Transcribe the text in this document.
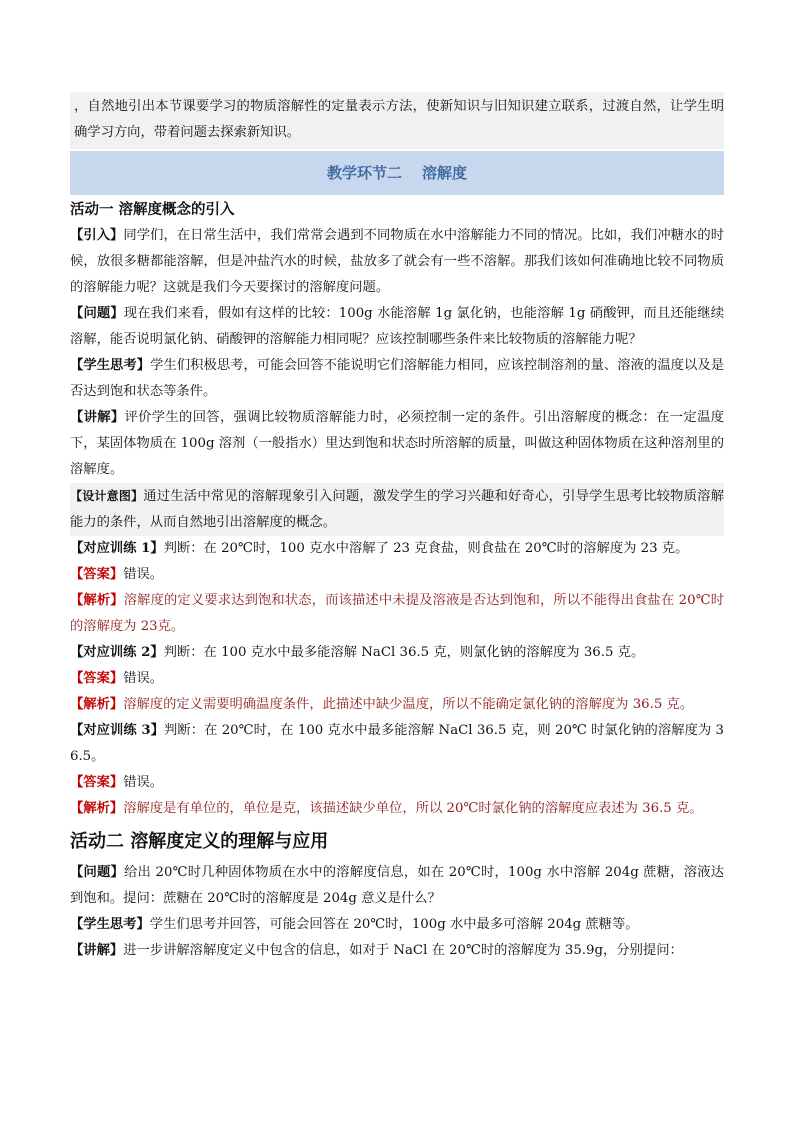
，自然地引出本节课要学习的物质溶解性的定量表示方法，使新知识与旧知识建立联系，过渡自然，让学生明确学习方向，带着问题去探索新知识。

教学环节二 溶解度

活动一 溶解度概念的引入

【引入】同学们，在日常生活中，我们常常会遇到不同物质在水中溶解能力不同的情况。比如，我们冲糖水的时候，放很多糖都能溶解，但是冲盐汽水的时候，盐放多了就会有一些不溶解。那我们该如何准确地比较不同物质的溶解能力呢？这就是我们今天要探讨的溶解度问题。

【问题】现在我们来看，假如有这样的比较：100g 水能溶解 1g 氯化钠，也能溶解 1g 硝酸钾，而且还能继续溶解，能否说明氯化钠、硝酸钾的溶解能力相同呢？应该控制哪些条件来比较物质的溶解能力呢？

【学生思考】学生们积极思考，可能会回答不能说明它们溶解能力相同，应该控制溶剂的量、溶液的温度以及是否达到饱和状态等条件。

【讲解】评价学生的回答，强调比较物质溶解能力时，必须控制一定的条件。引出溶解度的概念：在一定温度下，某固体物质在 100g 溶剂（一般指水）里达到饱和状态时所溶解的质量，叫做这种固体物质在这种溶剂里的溶解度。

【设计意图】通过生活中常见的溶解现象引入问题，激发学生的学习兴趣和好奇心，引导学生思考比较物质溶解能力的条件，从而自然地引出溶解度的概念。

【对应训练 1】判断：在 20℃时，100 克水中溶解了 23 克食盐，则食盐在 20℃时的溶解度为 23 克。

【答案】错误。

【解析】溶解度的定义要求达到饱和状态，而该描述中未提及溶液是否达到饱和，所以不能得出食盐在 20℃时的溶解度为 23克。

【对应训练 2】判断：在 100 克水中最多能溶解 NaCl 36.5 克，则氯化钠的溶解度为 36.5 克。

【答案】错误。

【解析】溶解度的定义需要明确温度条件，此描述中缺少温度，所以不能确定氯化钠的溶解度为 36.5 克。

【对应训练 3】判断：在 20℃时，在 100 克水中最多能溶解 NaCl 36.5 克，则 20℃ 时氯化钠的溶解度为 36.5。

【答案】错误。

【解析】溶解度是有单位的，单位是克，该描述缺少单位，所以 20℃时氯化钠的溶解度应表述为 36.5 克。

活动二 溶解度定义的理解与应用

【问题】给出 20℃时几种固体物质在水中的溶解度信息，如在 20℃时，100g 水中溶解 204g 蔗糖，溶液达到饱和。提问：蔗糖在 20℃时的溶解度是 204g 意义是什么？

【学生思考】学生们思考并回答，可能会回答在 20℃时，100g 水中最多可溶解 204g 蔗糖等。

【讲解】进一步讲解溶解度定义中包含的信息，如对于 NaCl 在 20℃时的溶解度为 35.9g，分别提问：
